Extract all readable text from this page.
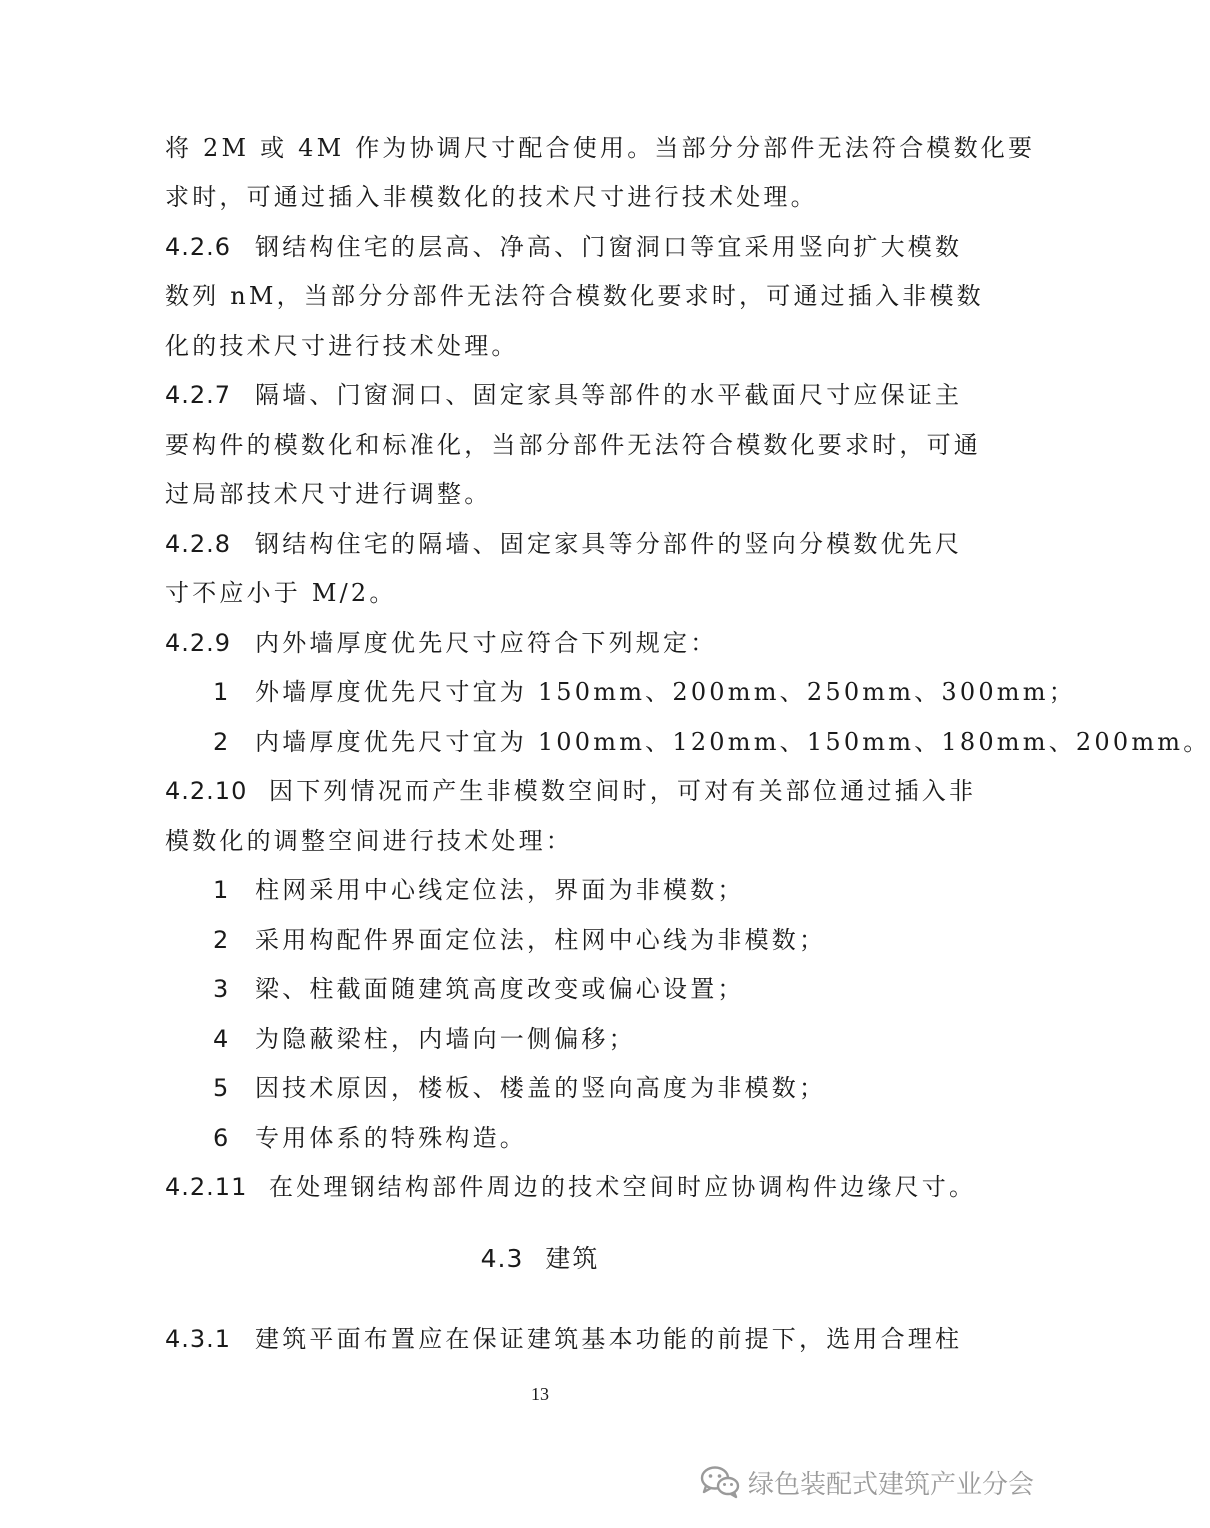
将 2M 或 4M 作为协调尺寸配合使用。当部分分部件无法符合模数化要
求时，可通过插入非模数化的技术尺寸进行技术处理。
4.2.6 钢结构住宅的层高、净高、门窗洞口等宜采用竖向扩大模数
数列 nM，当部分分部件无法符合模数化要求时，可通过插入非模数
化的技术尺寸进行技术处理。
4.2.7 隔墙、门窗洞口、固定家具等部件的水平截面尺寸应保证主
要构件的模数化和标准化，当部分部件无法符合模数化要求时，可通
过局部技术尺寸进行调整。
4.2.8 钢结构住宅的隔墙、固定家具等分部件的竖向分模数优先尺
寸不应小于 M/2。
4.2.9 内外墙厚度优先尺寸应符合下列规定：
1 外墙厚度优先尺寸宜为 150mm、200mm、250mm、300mm；
2 内墙厚度优先尺寸宜为 100mm、120mm、150mm、180mm、200mm。
4.2.10 因下列情况而产生非模数空间时，可对有关部位通过插入非
模数化的调整空间进行技术处理：
1 柱网采用中心线定位法，界面为非模数；
2 采用构配件界面定位法，柱网中心线为非模数；
3 梁、柱截面随建筑高度改变或偏心设置；
4 为隐蔽梁柱，内墙向一侧偏移；
5 因技术原因，楼板、楼盖的竖向高度为非模数；
6 专用体系的特殊构造。
4.2.11 在处理钢结构部件周边的技术空间时应协调构件边缘尺寸。
4.3 建筑
4.3.1 建筑平面布置应在保证建筑基本功能的前提下，选用合理柱
13
绿色装配式建筑产业分会
